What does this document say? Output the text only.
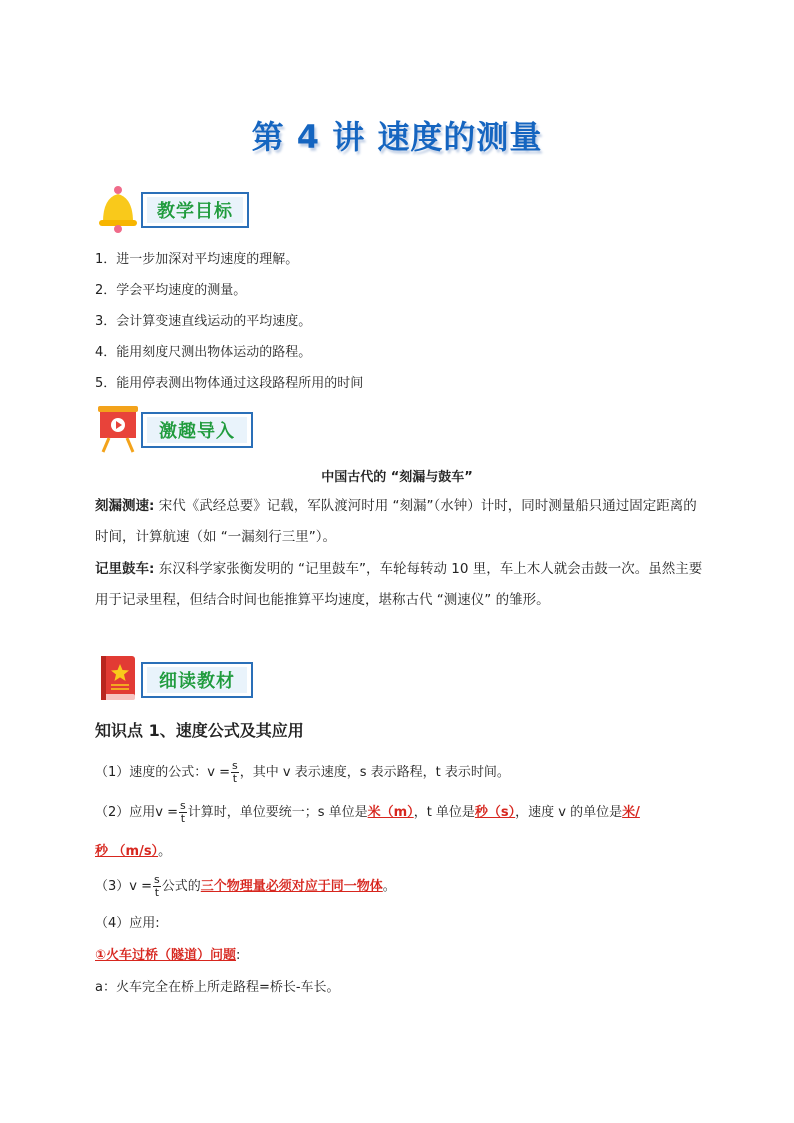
第 4 讲 速度的测量
教学目标
1．进一步加深对平均速度的理解。
2．学会平均速度的测量。
3．会计算变速直线运动的平均速度。
4．能用刻度尺测出物体运动的路程。
5．能用停表测出物体通过这段路程所用的时间
激趣导入
中国古代的 “刻漏与鼓车”
刻漏测速: 宋代《武经总要》记载，军队渡河时用 “刻漏”（水钟）计时，同时测量船只通过固定距离的时间，计算航速（如 “一漏刻行三里”）。
记里鼓车: 东汉科学家张衡发明的 “记里鼓车”，车轮每转动 10 里，车上木人就会击鼓一次。虽然主要用于记录里程，但结合时间也能推算平均速度，堪称古代 “测速仪” 的雏形。
细读教材
知识点 1、速度公式及其应用
（1）速度的公式：$v = \frac{s}{t}$ ，其中 v 表示速度，s 表示路程，t 表示时间。
（2）应用$v = \frac{s}{t}$ 计算时，单位要统一；s 单位是米（m），t 单位是秒（s），速度 v 的单位是米/
秒 （m/s）。
$(3)v = \frac{s}{t}$ 公式的三个物理量必须对应于同一物体。
（4）应用:
①火车过桥（隧道）问题:
a：火车完全在桥上所走路程=桥长-车长。
